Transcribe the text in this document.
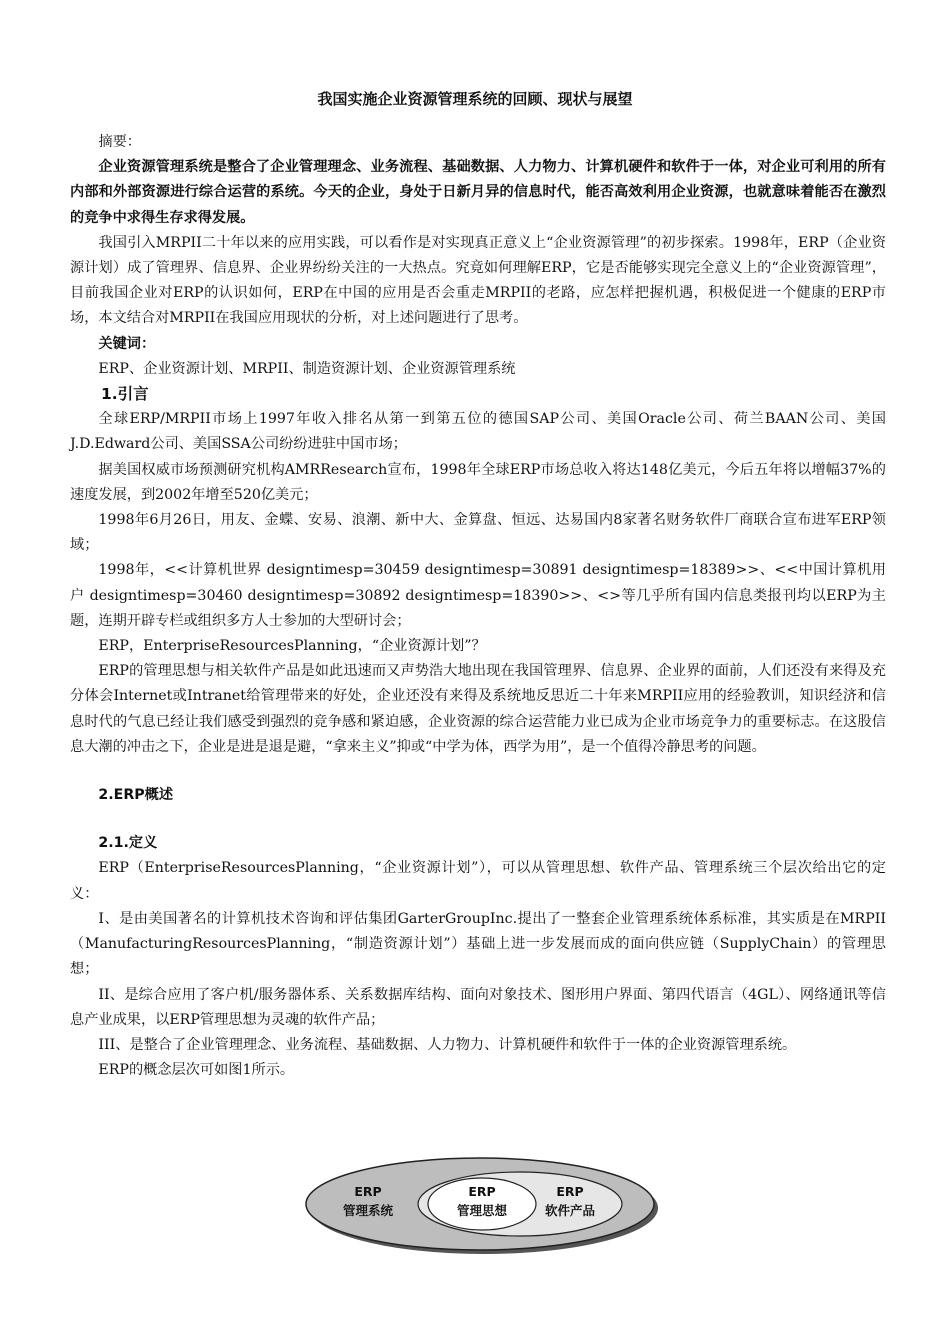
我国实施企业资源管理系统的回顾、现状与展望

摘要：

企业资源管理系统是整合了企业管理理念、业务流程、基础数据、人力物力、计算机硬件和软件于一体，对企业可利用的所有内部和外部资源进行综合运营的系统。今天的企业，身处于日新月异的信息时代，能否高效利用企业资源，也就意味着能否在激烈的竞争中求得生存求得发展。

我国引入MRPII二十年以来的应用实践，可以看作是对实现真正意义上“企业资源管理”的初步探索。1998年，ERP（企业资源计划）成了管理界、信息界、企业界纷纷关注的一大热点。究竟如何理解ERP，它是否能够实现完全意义上的“企业资源管理”，目前我国企业对ERP的认识如何，ERP在中国的应用是否会重走MRPII的老路，应怎样把握机遇，积极促进一个健康的ERP市场，本文结合对MRPII在我国应用现状的分析，对上述问题进行了思考。

关键词：

ERP、企业资源计划、MRPII、制造资源计划、企业资源管理系统

1.引言

全球ERP/MRPII市场上1997年收入排名从第一到第五位的德国SAP公司、美国Oracle公司、荷兰BAAN公司、美国J.D.Edward公司、美国SSA公司纷纷进驻中国市场；

据美国权威市场预测研究机构AMRResearch宣布，1998年全球ERP市场总收入将达148亿美元，今后五年将以增幅37%的速度发展，到2002年增至520亿美元；

1998年6月26日，用友、金蝶、安易、浪潮、新中大、金算盘、恒远、达易国内8家著名财务软件厂商联合宣布进军ERP领域；

1998年，<<计算机世界 designtimesp=30459 designtimesp=30891 designtimesp=18389>>、<<中国计算机用户 designtimesp=30460 designtimesp=30892 designtimesp=18390>>、<>等几乎所有国内信息类报刊均以ERP为主题，连期开辟专栏或组织多方人士参加的大型研讨会；

ERP，EnterpriseResourcesPlanning，“企业资源计划”？

ERP的管理思想与相关软件产品是如此迅速而又声势浩大地出现在我国管理界、信息界、企业界的面前，人们还没有来得及充分体会Internet或Intranet给管理带来的好处，企业还没有来得及系统地反思近二十年来MRPII应用的经验教训，知识经济和信息时代的气息已经让我们感受到强烈的竞争感和紧迫感，企业资源的综合运营能力业已成为企业市场竞争力的重要标志。在这股信息大潮的冲击之下，企业是进是退是避，“拿来主义”抑或“中学为体，西学为用”，是一个值得冷静思考的问题。

2.ERP概述

2.1.定义

ERP（EnterpriseResourcesPlanning，“企业资源计划”），可以从管理思想、软件产品、管理系统三个层次给出它的定义：

I、是由美国著名的计算机技术咨询和评估集团GarterGroupInc.提出了一整套企业管理系统体系标准，其实质是在MRPII（ManufacturingResourcesPlanning，“制造资源计划”）基础上进一步发展而成的面向供应链（SupplyChain）的管理思想；

II、是综合应用了客户机/服务器体系、关系数据库结构、面向对象技术、图形用户界面、第四代语言（4GL）、网络通讯等信息产业成果，以ERP管理思想为灵魂的软件产品；

III、是整合了企业管理理念、业务流程、基础数据、人力物力、计算机硬件和软件于一体的企业资源管理系统。

ERP的概念层次可如图1所示。

ERP
管理系统
ERP
管理思想
ERP
软件产品
